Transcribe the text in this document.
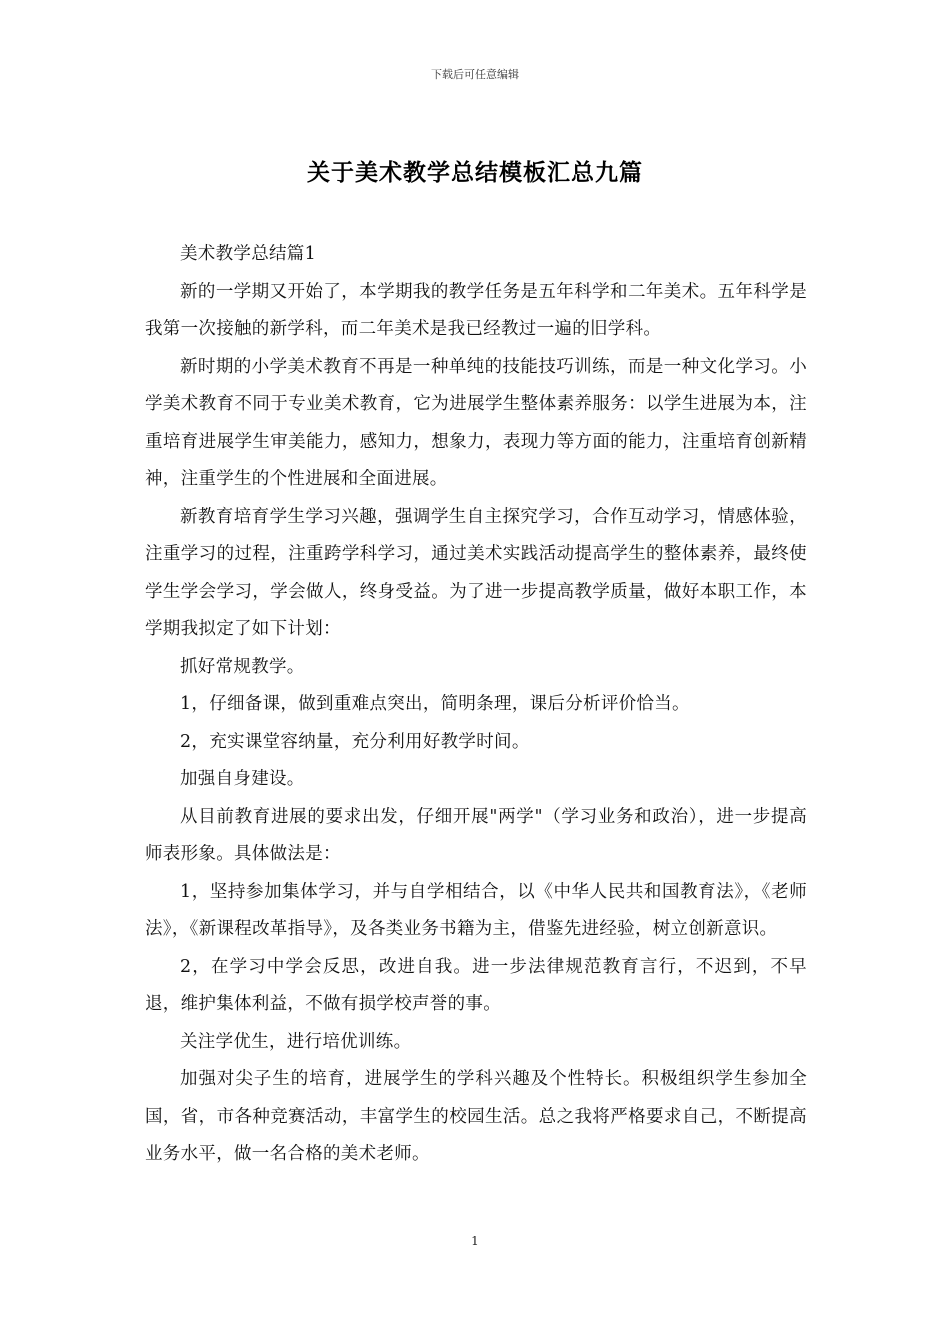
下载后可任意编辑
关于美术教学总结模板汇总九篇

美术教学总结篇1

新的一学期又开始了，本学期我的教学任务是五年科学和二年美术。五年科学是我第一次接触的新学科，而二年美术是我已经教过一遍的旧学科。

新时期的小学美术教育不再是一种单纯的技能技巧训练，而是一种文化学习。小学美术教育不同于专业美术教育，它为进展学生整体素养服务：以学生进展为本，注重培育进展学生审美能力，感知力，想象力，表现力等方面的能力，注重培育创新精神，注重学生的个性进展和全面进展。

新教育培育学生学习兴趣，强调学生自主探究学习，合作互动学习，情感体验，注重学习的过程，注重跨学科学习，通过美术实践活动提高学生的整体素养，最终使学生学会学习，学会做人，终身受益。为了进一步提高教学质量，做好本职工作，本学期我拟定了如下计划：

抓好常规教学。

1，仔细备课，做到重难点突出，简明条理，课后分析评价恰当。

2，充实课堂容纳量，充分利用好教学时间。

加强自身建设。

从目前教育进展的要求出发，仔细开展"两学"（学习业务和政治），进一步提高师表形象。具体做法是：

1，坚持参加集体学习，并与自学相结合，以《中华人民共和国教育法》，《老师法》，《新课程改革指导》，及各类业务书籍为主，借鉴先进经验，树立创新意识。

2，在学习中学会反思，改进自我。进一步法律规范教育言行，不迟到，不早退，维护集体利益，不做有损学校声誉的事。

关注学优生，进行培优训练。

加强对尖子生的培育，进展学生的学科兴趣及个性特长。积极组织学生参加全国，省，市各种竞赛活动，丰富学生的校园生活。总之我将严格要求自己，不断提高业务水平，做一名合格的美术老师。

1
